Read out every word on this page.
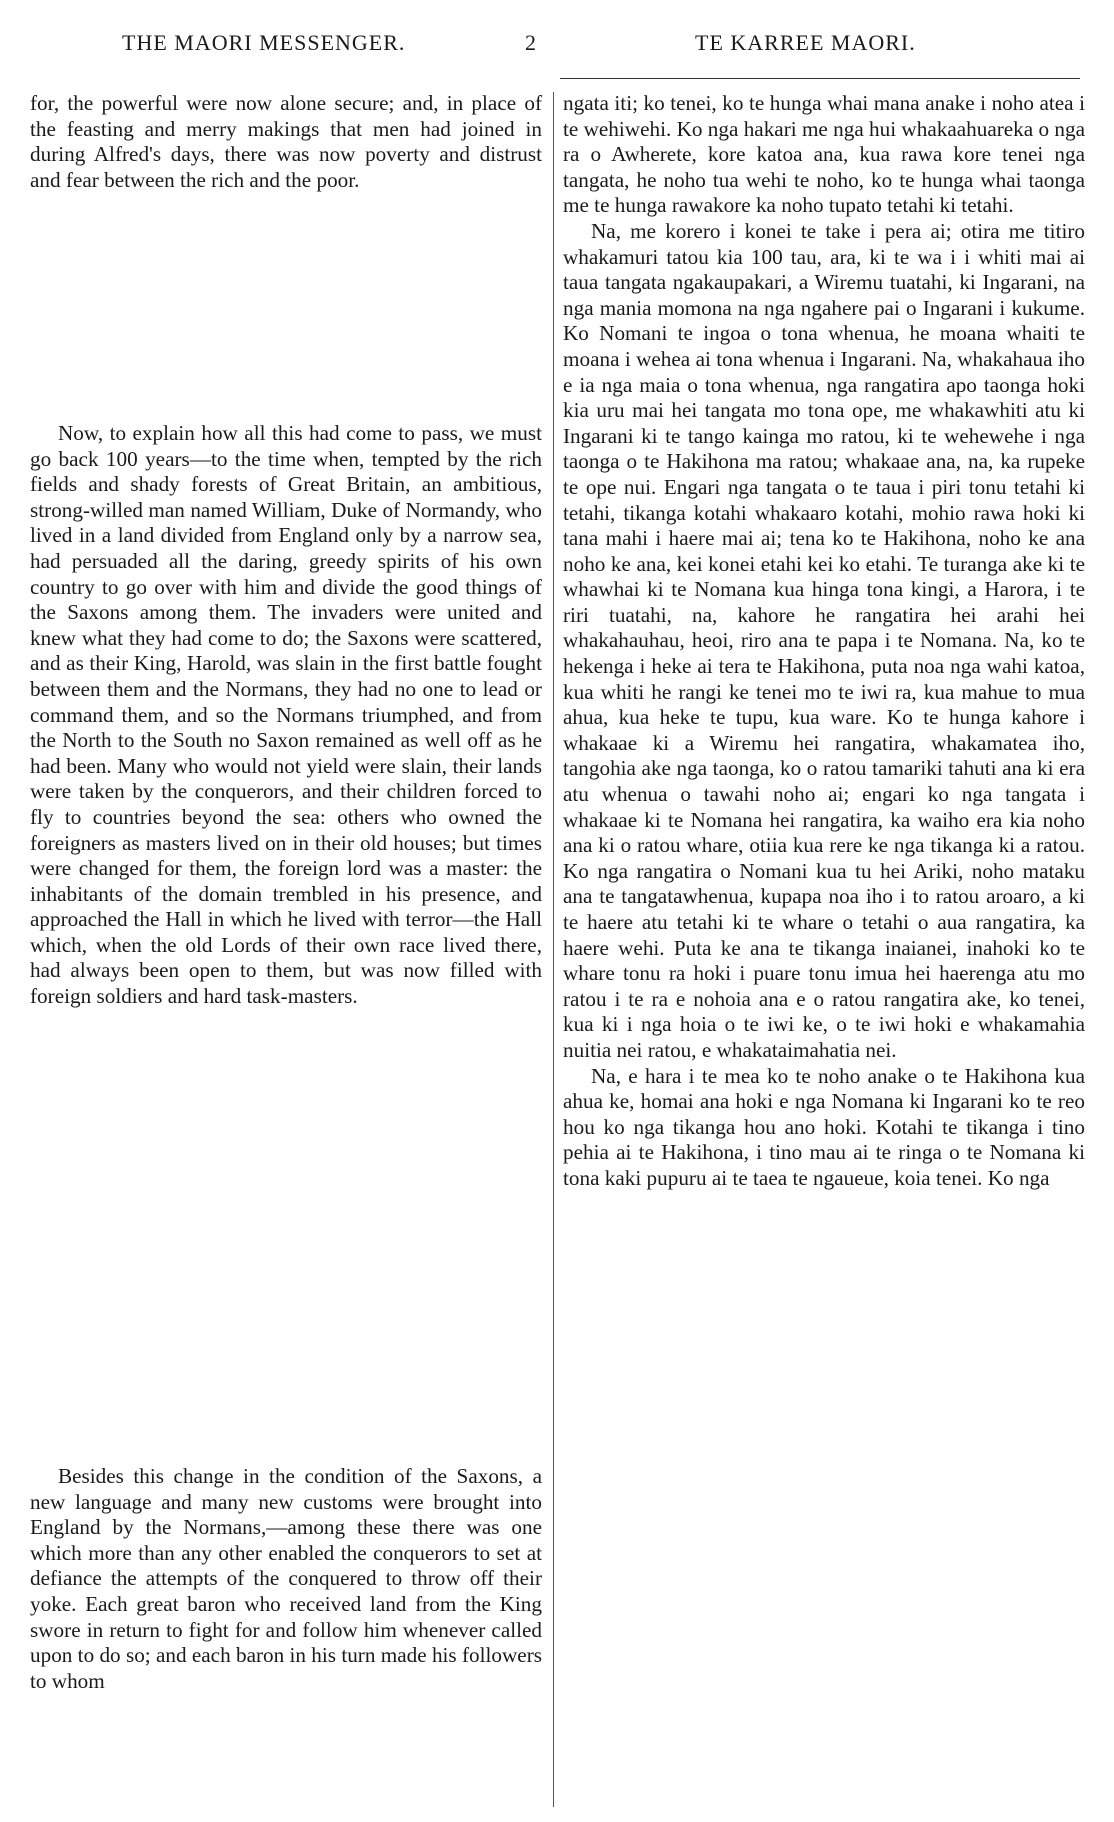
THE MAORI MESSENGER.	2	TE KARREE MAORI.

for, the powerful were now alone secure; and, in place of the feasting and merry makings that men had joined in during Alfred's days, there was now poverty and distrust and fear between the rich and the poor.

Now, to explain how all this had come to pass, we must go back 100 years—to the time when, tempted by the rich fields and shady forests of Great Britain, an ambitious, strong-willed man named William, Duke of Normandy, who lived in a land divided from England only by a narrow sea, had persuaded all the daring, greedy spirits of his own country to go over with him and divide the good things of the Saxons among them. The invaders were united and knew what they had come to do; the Saxons were scattered, and as their King, Harold, was slain in the first battle fought between them and the Normans, they had no one to lead or command them, and so the Normans triumphed, and from the North to the South no Saxon remained as well off as he had been. Many who would not yield were slain, their lands were taken by the conquerors, and their children forced to fly to countries beyond the sea: others who owned the foreigners as masters lived on in their old houses; but times were changed for them, the foreign lord was a master: the inhabitants of the domain trembled in his presence, and approached the Hall in which he lived with terror—the Hall which, when the old Lords of their own race lived there, had always been open to them, but was now filled with foreign soldiers and hard task-masters.

Besides this change in the condition of the Saxons, a new language and many new customs were brought into England by the Normans,—among these there was one which more than any other enabled the conquerors to set at defiance the attempts of the conquered to throw off their yoke. Each great baron who received land from the King swore in return to fight for and follow him whenever called upon to do so; and each baron in his turn made his followers to whom

ngata iti; ko tenei, ko te hunga whai mana anake i noho atea i te wehiwehi. Ko nga hakari me nga hui whakaahuareka o nga ra o Awherete, kore katoa ana, kua rawa kore tenei nga tangata, he noho tua wehi te noho, ko te hunga whai taonga me te hunga rawakore ka noho tupato tetahi ki tetahi.

Na, me korero i konei te take i pera ai; otira me titiro whakamuri tatou kia 100 tau, ara, ki te wa i i whiti mai ai taua tangata ngakaupakari, a Wiremu tuatahi, ki Ingarani, na nga mania momona na nga ngahere pai o Ingarani i kukume. Ko Nomani te ingoa o tona whenua, he moana whaiti te moana i wehea ai tona whenua i Ingarani. Na, whakahaua iho e ia nga maia o tona whenua, nga rangatira apo taonga hoki kia uru mai hei tangata mo tona ope, me whakawhiti atu ki Ingarani ki te tango kainga mo ratou, ki te wehewehe i nga taonga o te Hakihona ma ratou; whakaae ana, na, ka rupeke te ope nui. Engari nga tangata o te taua i piri tonu tetahi ki tetahi, tikanga kotahi whakaaro kotahi, mohio rawa hoki ki tana mahi i haere mai ai; tena ko te Hakihona, noho ke ana noho ke ana, kei konei etahi kei ko etahi. Te turanga ake ki te whawhai ki te Nomana kua hinga tona kingi, a Harora, i te riri tuatahi, na, kahore he rangatira hei arahi hei whakahauhau, heoi, riro ana te papa i te Nomana. Na, ko te hekenga i heke ai tera te Hakihona, puta noa nga wahi katoa, kua whiti he rangi ke tenei mo te iwi ra, kua mahue to mua ahua, kua heke te tupu, kua ware. Ko te hunga kahore i whakaae ki a Wiremu hei rangatira, whakamatea iho, tangohia ake nga taonga, ko o ratou tamariki tahuti ana ki era atu whenua o tawahi noho ai; engari ko nga tangata i whakaae ki te Nomana hei rangatira, ka waiho era kia noho ana ki o ratou whare, otiia kua rere ke nga tikanga ki a ratou. Ko nga rangatira o Nomani kua tu hei Ariki, noho mataku ana te tangatawhenua, kupapa noa iho i to ratou aroaro, a ki te haere atu tetahi ki te whare o tetahi o aua rangatira, ka haere wehi. Puta ke ana te tikanga inaianei, inahoki ko te whare tonu ra hoki i puare tonu imua hei haerenga atu mo ratou i te ra e nohoia ana e o ratou rangatira ake, ko tenei, kua ki i nga hoia o te iwi ke, o te iwi hoki e whakamahia nuitia nei ratou, e whakataimahatia nei.

Na, e hara i te mea ko te noho anake o te Hakihona kua ahua ke, homai ana hoki e nga Nomana ki Ingarani ko te reo hou ko nga tikanga hou ano hoki. Kotahi te tikanga i tino pehia ai te Hakihona, i tino mau ai te ringa o te Nomana ki tona kaki pupuru ai te taea te ngaueue, koia tenei. Ko nga
